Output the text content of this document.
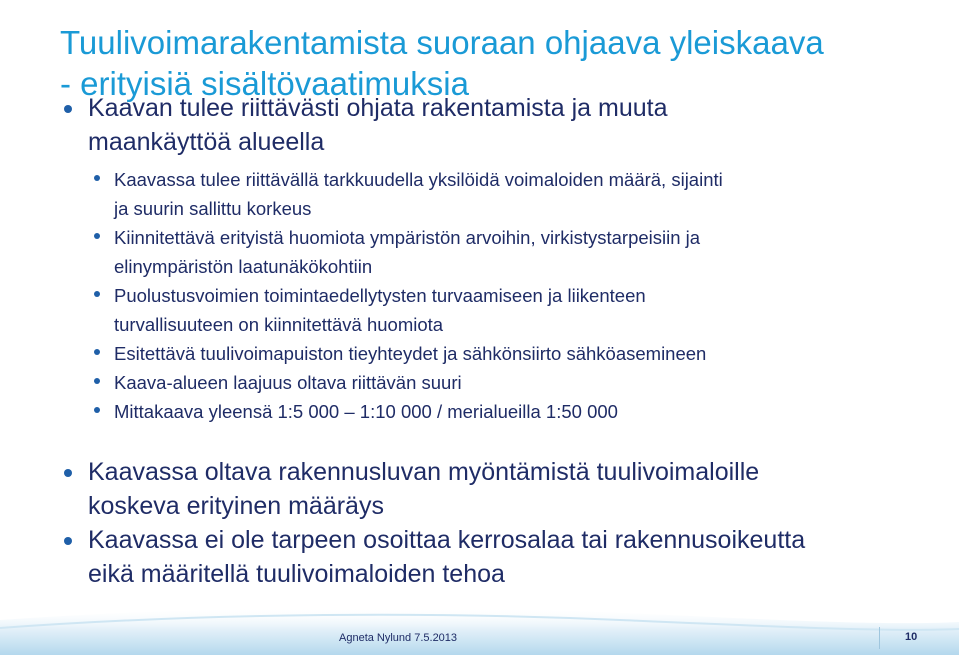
Tuulivoimarakentamista suoraan ohjaava yleiskaava
- erityisiä sisältövaatimuksia
Kaavan tulee riittävästi ohjata rakentamista ja muuta
maankäyttöä alueella
Kaavassa tulee riittävällä tarkkuudella yksilöidä voimaloiden määrä, sijainti
ja suurin sallittu korkeus
Kiinnitettävä erityistä huomiota ympäristön arvoihin, virkistystarpeisiin ja
elinympäristön laatunäkökohtiin
Puolustusvoimien toimintaedellytysten turvaamiseen ja liikenteen
turvallisuuteen on kiinnitettävä huomiota
Esitettävä tuulivoimapuiston tieyhteydet ja sähkönsiirto sähköasemineen
Kaava-alueen laajuus oltava riittävän suuri
Mittakaava yleensä 1:5 000 – 1:10 000 / merialueilla 1:50 000
Kaavassa oltava rakennusluvan myöntämistä tuulivoimaloille
koskeva erityinen määräys
Kaavassa ei ole tarpeen osoittaa kerrosalaa tai rakennusoikeutta
eikä määritellä tuulivoimaloiden tehoa
Agneta Nylund 7.5.2013	10
